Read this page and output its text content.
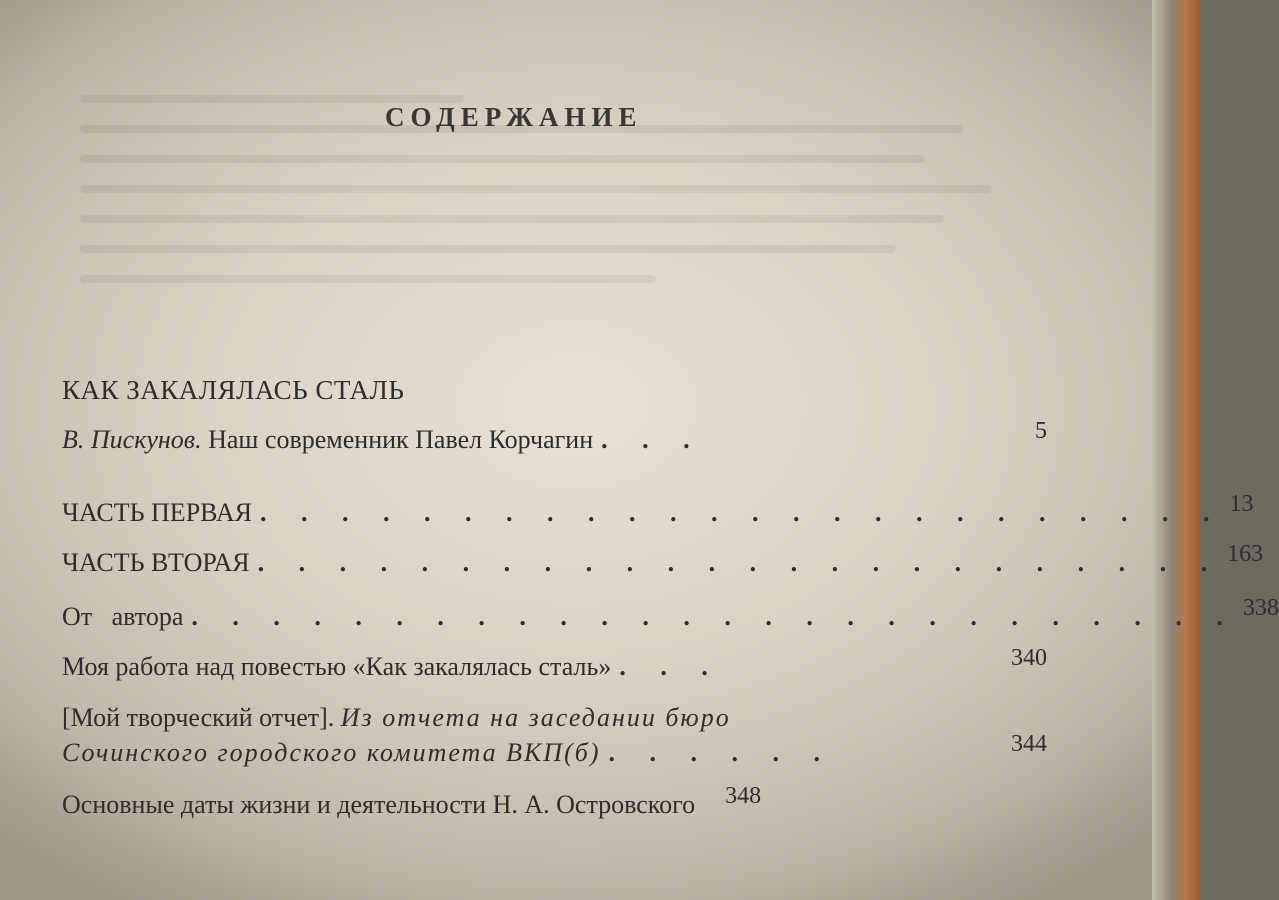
СОДЕРЖАНИЕ
КАК ЗАКАЛЯЛАСЬ СТАЛЬ
В. Пискунов. Наш современник Павел Корчагин . . .	5
ЧАСТЬ ПЕРВАЯ . . . . . . . . . . . . . . . . . . . . . . . . 13
ЧАСТЬ ВТОРАЯ . . . . . . . . . . . . . . . . . . . . . . . . 163
От   автора . . . . . . . . . . . . . . . . . . . . . . . . . . 338
Моя работа над повестью «Как закалялась сталь» . . .	340
[Мой творческий отчет]. Из отчета на заседании бюро
Сочинского городского комитета ВКП(б) . . . . . .	344
Основные даты жизни и деятельности Н. А. Островского	348
